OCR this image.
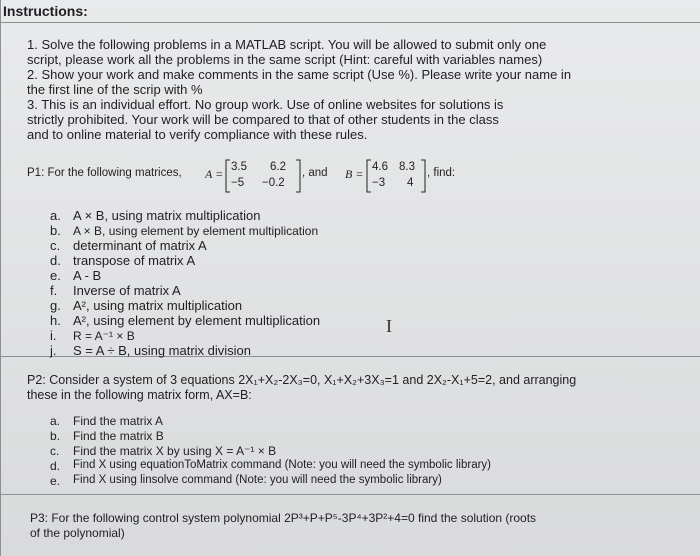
Instructions:
1. Solve the following problems in a MATLAB script. You will be allowed to submit only one
script, please work all the problems in the same script (Hint: careful with variables names)
2. Show your work and make comments in the same script (Use %). Please write your name in
the first line of the scrip with %
3. This is an individual effort. No group work. Use of online websites for solutions is
strictly prohibited. Your work will be compared to that of other students in the class
and to online material to verify compliance with these rules.
P1: For the following matrices, A = 3.5 6.2
−5 −0.2
, and B = 4.6 8.3
−3 4
, find:
a. A × B, using matrix multiplication
b. A × B, using element by element multiplication
c. determinant of matrix A
d. transpose of matrix A
e. A - B
f. Inverse of matrix A
g. A², using matrix multiplication
h. A², using element by element multiplication
i. R = A⁻¹ × B
j. S = A ÷ B, using matrix division
I
P2: Consider a system of 3 equations 2X₁+X₂-2X₃=0, X₁+X₂+3X₃=1 and 2X₂-X₁+5=2, and arranging
these in the following matrix form, AX=B:
a. Find the matrix A
b. Find the matrix B
c. Find the matrix X by using X = A⁻¹ × B
d. Find X using equationToMatrix command (Note: you will need the symbolic library)
e. Find X using linsolve command (Note: you will need the symbolic library)
P3: For the following control system polynomial 2P³+P+P⁵-3P⁴+3P²+4=0 find the solution (roots
of the polynomial)
